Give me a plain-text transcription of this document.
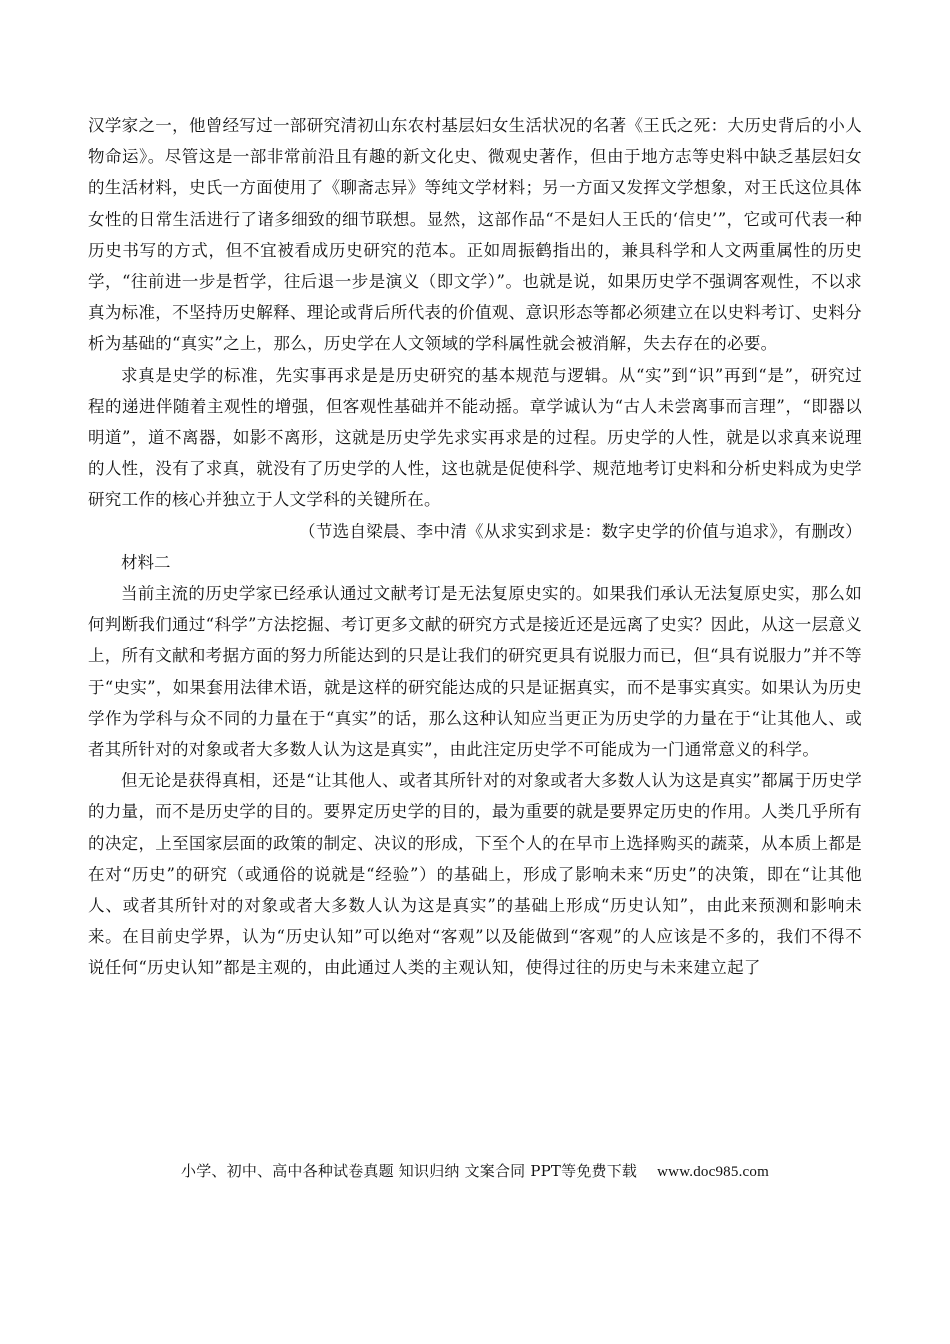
汉学家之一，他曾经写过一部研究清初山东农村基层妇女生活状况的名著《王氏之死：大历史背后的小人物命运》。尽管这是一部非常前沿且有趣的新文化史、微观史著作，但由于地方志等史料中缺乏基层妇女的生活材料，史氏一方面使用了《聊斋志异》等纯文学材料；另一方面又发挥文学想象，对王氏这位具体女性的日常生活进行了诸多细致的细节联想。显然，这部作品“不是妇人王氏的‘信史’”，它或可代表一种历史书写的方式，但不宜被看成历史研究的范本。正如周振鹤指出的，兼具科学和人文两重属性的历史学，“往前进一步是哲学，往后退一步是演义（即文学）”。也就是说，如果历史学不强调客观性，不以求真为标准，不坚持历史解释、理论或背后所代表的价值观、意识形态等都必须建立在以史料考订、史料分析为基础的“真实”之上，那么，历史学在人文领域的学科属性就会被消解，失去存在的必要。

求真是史学的标准，先实事再求是是历史研究的基本规范与逻辑。从“实”到“识”再到“是”，研究过程的递进伴随着主观性的增强，但客观性基础并不能动摇。章学诚认为“古人未尝离事而言理”，“即器以明道”，道不离器，如影不离形，这就是历史学先求实再求是的过程。历史学的人性，就是以求真来说理的人性，没有了求真，就没有了历史学的人性，这也就是促使科学、规范地考订史料和分析史料成为史学研究工作的核心并独立于人文学科的关键所在。

（节选自梁晨、李中清《从求实到求是：数字史学的价值与追求》，有删改）

材料二

当前主流的历史学家已经承认通过文献考订是无法复原史实的。如果我们承认无法复原史实，那么如何判断我们通过“科学”方法挖掘、考订更多文献的研究方式是接近还是远离了史实？因此，从这一层意义上，所有文献和考据方面的努力所能达到的只是让我们的研究更具有说服力而已，但“具有说服力”并不等于“史实”，如果套用法律术语，就是这样的研究能达成的只是证据真实，而不是事实真实。如果认为历史学作为学科与众不同的力量在于“真实”的话，那么这种认知应当更正为历史学的力量在于“让其他人、或者其所针对的对象或者大多数人认为这是真实”，由此注定历史学不可能成为一门通常意义的科学。

但无论是获得真相，还是“让其他人、或者其所针对的对象或者大多数人认为这是真实”都属于历史学的力量，而不是历史学的目的。要界定历史学的目的，最为重要的就是要界定历史的作用。人类几乎所有的决定，上至国家层面的政策的制定、决议的形成，下至个人的在早市上选择购买的蔬菜，从本质上都是在对“历史”的研究（或通俗的说就是“经验”）的基础上，形成了影响未来“历史”的决策，即在“让其他人、或者其所针对的对象或者大多数人认为这是真实”的基础上形成“历史认知”，由此来预测和影响未来。在目前史学界，认为“历史认知”可以绝对“客观”以及能做到“客观”的人应该是不多的，我们不得不说任何“历史认知”都是主观的，由此通过人类的主观认知，使得过往的历史与未来建立起了

小学、初中、高中各种试卷真题 知识归纳 文案合同 PPT等免费下载 www.doc985.com
